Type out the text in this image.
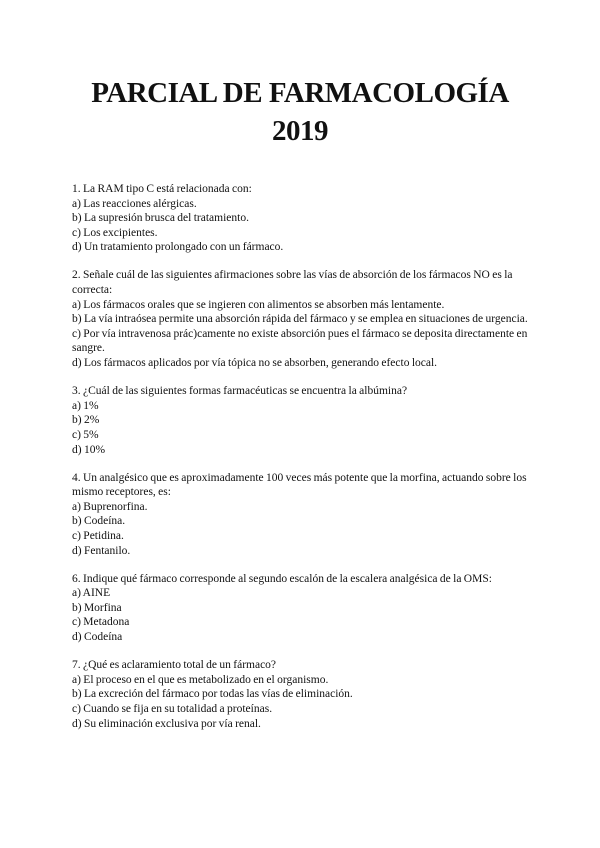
PARCIAL DE FARMACOLOGÍA
2019
1. La RAM tipo C está relacionada con:
a) Las reacciones alérgicas.
b) La supresión brusca del tratamiento.
c) Los excipientes.
d) Un tratamiento prolongado con un fármaco.
2. Señale cuál de las siguientes afirmaciones sobre las vías de absorción de los fármacos NO es la correcta:
a) Los fármacos orales que se ingieren con alimentos se absorben más lentamente.
b) La vía intraósea permite una absorción rápida del fármaco y se emplea en situaciones de urgencia.
c) Por vía intravenosa prác)camente no existe absorción pues el fármaco se deposita directamente en sangre.
d) Los fármacos aplicados por vía tópica no se absorben, generando efecto local.
3. ¿Cuál de las siguientes formas farmacéuticas se encuentra la albúmina?
a) 1%
b) 2%
c) 5%
d) 10%
4. Un analgésico que es aproximadamente 100 veces más potente que la morfina, actuando sobre los mismo receptores, es:
a) Buprenorfina.
b) Codeína.
c) Petidina.
d) Fentanilo.
6. Indique qué fármaco corresponde al segundo escalón de la escalera analgésica de la OMS:
a) AINE
b) Morfina
c) Metadona
d) Codeína
7. ¿Qué es aclaramiento total de un fármaco?
a) El proceso en el que es metabolizado en el organismo.
b) La excreción del fármaco por todas las vías de eliminación.
c) Cuando se fija en su totalidad a proteínas.
d) Su eliminación exclusiva por vía renal.
